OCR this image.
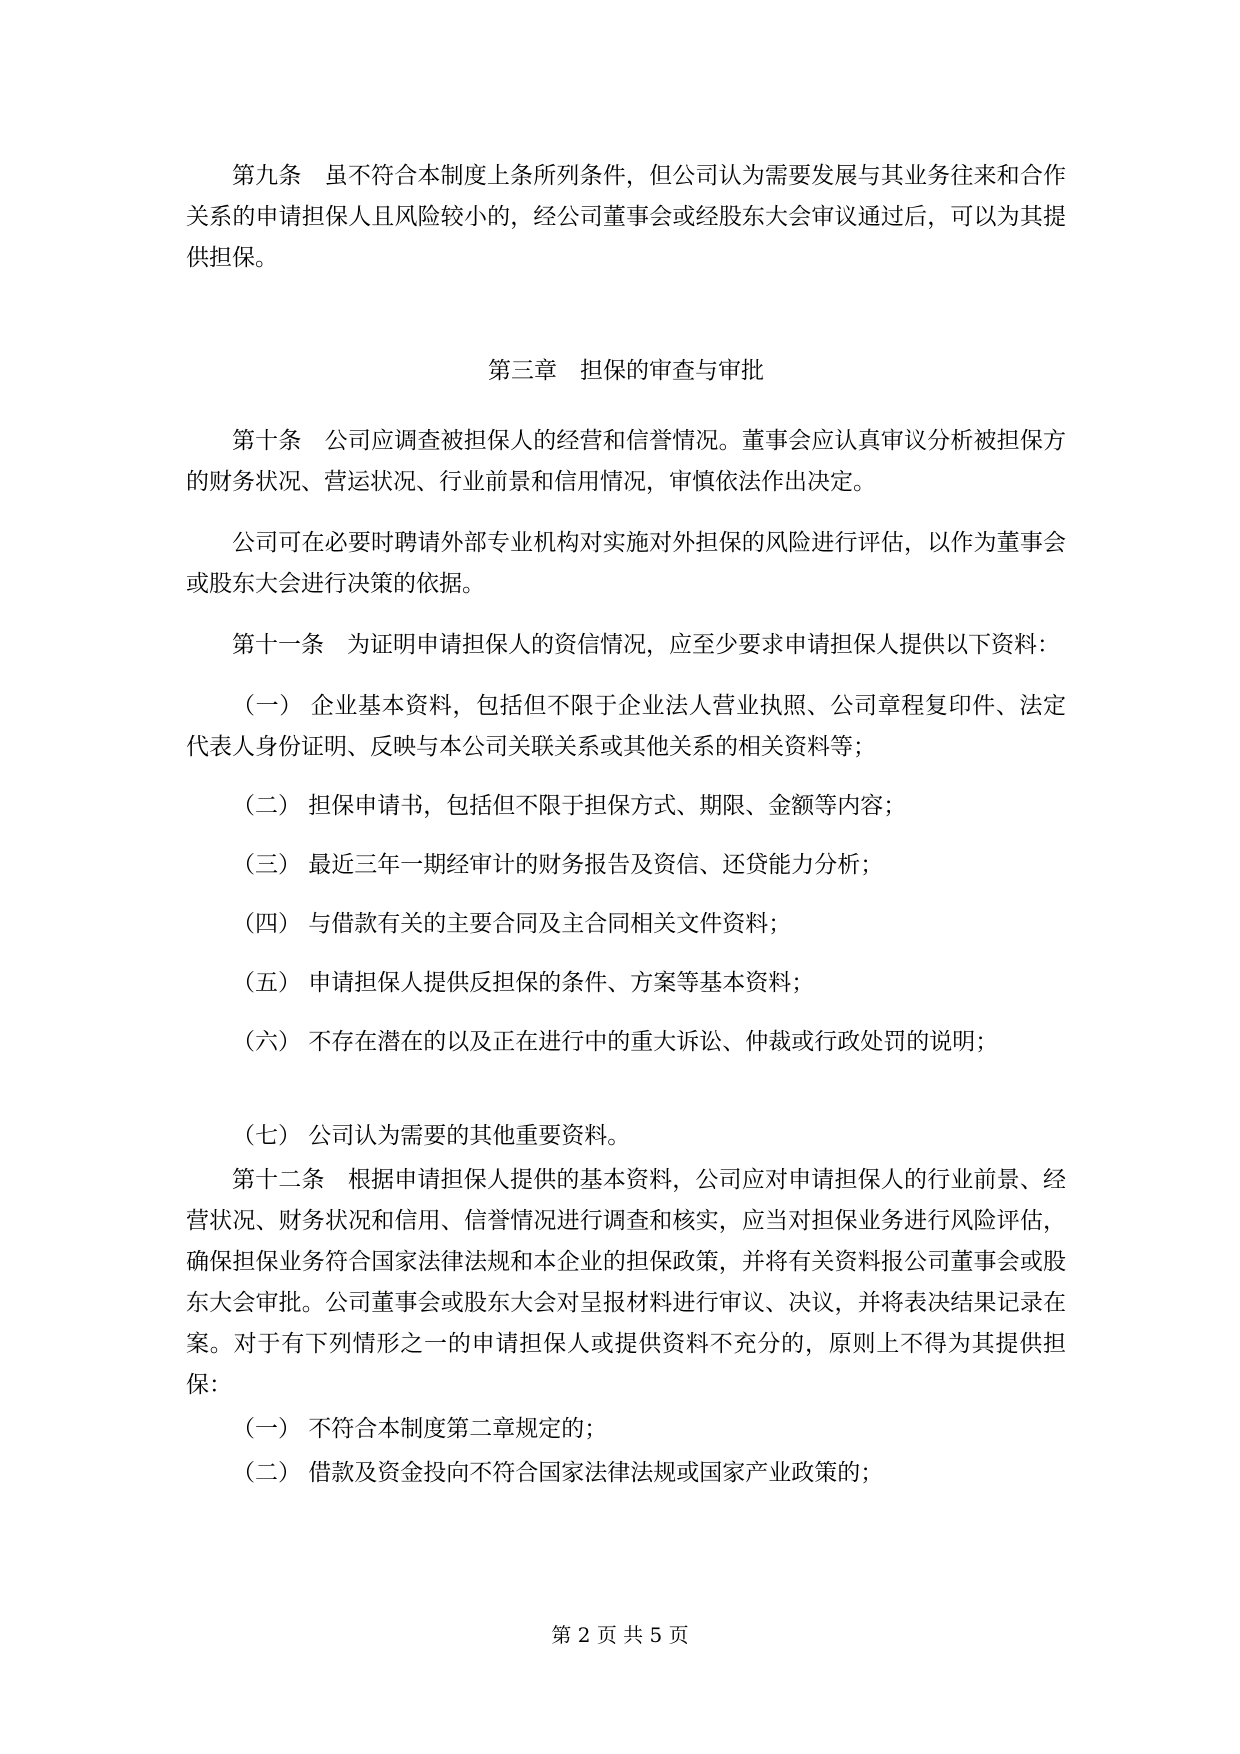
第九条　虽不符合本制度上条所列条件，但公司认为需要发展与其业务往来和合作关系的申请担保人且风险较小的，经公司董事会或经股东大会审议通过后，可以为其提供担保。
第三章　担保的审查与审批
第十条　公司应调查被担保人的经营和信誉情况。董事会应认真审议分析被担保方的财务状况、营运状况、行业前景和信用情况，审慎依法作出决定。
公司可在必要时聘请外部专业机构对实施对外担保的风险进行评估，以作为董事会或股东大会进行决策的依据。
第十一条　为证明申请担保人的资信情况，应至少要求申请担保人提供以下资料：
（一） 企业基本资料，包括但不限于企业法人营业执照、公司章程复印件、法定代表人身份证明、反映与本公司关联关系或其他关系的相关资料等；
（二） 担保申请书，包括但不限于担保方式、期限、金额等内容；
（三） 最近三年一期经审计的财务报告及资信、还贷能力分析；
（四） 与借款有关的主要合同及主合同相关文件资料；
（五） 申请担保人提供反担保的条件、方案等基本资料；
（六） 不存在潜在的以及正在进行中的重大诉讼、仲裁或行政处罚的说明；
（七） 公司认为需要的其他重要资料。
第十二条　根据申请担保人提供的基本资料，公司应对申请担保人的行业前景、经营状况、财务状况和信用、信誉情况进行调查和核实，应当对担保业务进行风险评估，确保担保业务符合国家法律法规和本企业的担保政策，并将有关资料报公司董事会或股东大会审批。公司董事会或股东大会对呈报材料进行审议、决议，并将表决结果记录在案。对于有下列情形之一的申请担保人或提供资料不充分的，原则上不得为其提供担保：
（一） 不符合本制度第二章规定的；
（二） 借款及资金投向不符合国家法律法规或国家产业政策的；
第 2 页 共 5 页
